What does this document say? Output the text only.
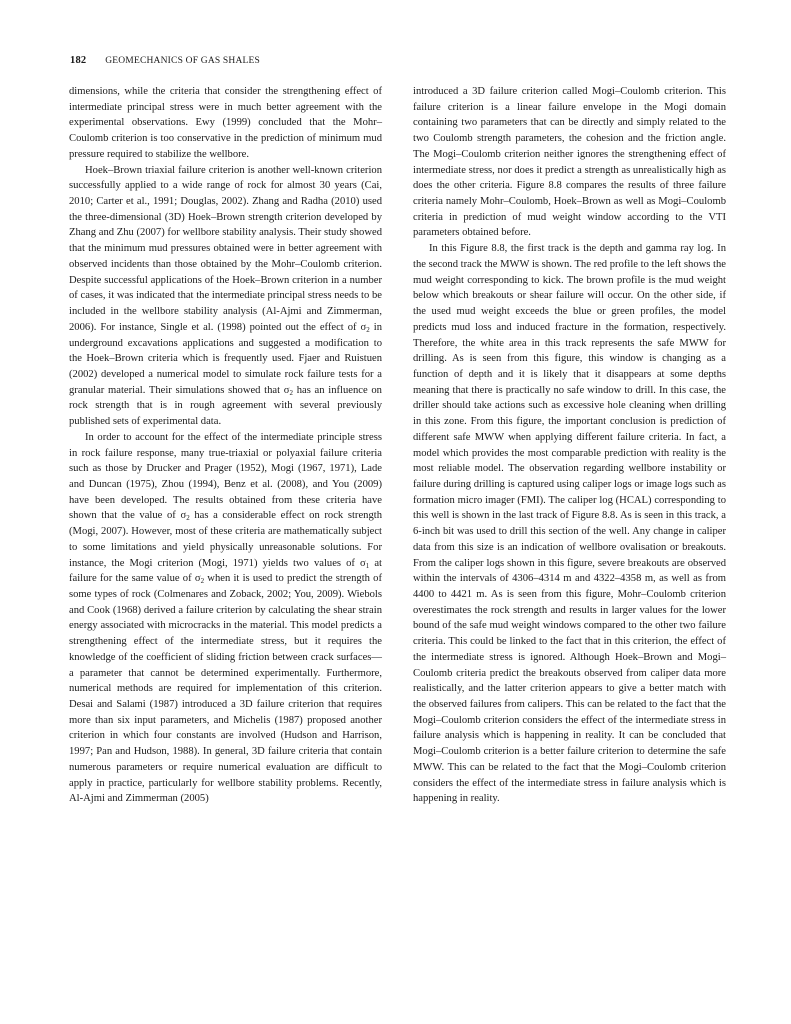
182 GEOMECHANICS OF GAS SHALES

dimensions, while the criteria that consider the strengthening effect of intermediate principal stress were in much better agreement with the experimental observations. Ewy (1999) concluded that the Mohr–Coulomb criterion is too conservative in the prediction of minimum mud pressure required to stabilize the wellbore.

Hoek–Brown triaxial failure criterion is another well-known criterion successfully applied to a wide range of rock for almost 30 years (Cai, 2010; Carter et al., 1991; Douglas, 2002). Zhang and Radha (2010) used the three-dimensional (3D) Hoek–Brown strength criterion developed by Zhang and Zhu (2007) for wellbore stability analysis. Their study showed that the minimum mud pressures obtained were in better agreement with observed incidents than those obtained by the Mohr–Coulomb criterion. Despite successful applications of the Hoek–Brown criterion in a number of cases, it was indicated that the intermediate principal stress needs to be included in the wellbore stability analysis (Al-Ajmi and Zimmerman, 2006). For instance, Single et al. (1998) pointed out the effect of $\sigma_2$ in underground excavations applications and suggested a modification to the Hoek–Brown criteria which is frequently used. Fjaer and Ruistuen (2002) developed a numerical model to simulate rock failure tests for a granular material. Their simulations showed that $\sigma_2$ has an influence on rock strength that is in rough agreement with several previously published sets of experimental data.

In order to account for the effect of the intermediate principle stress in rock failure response, many true-triaxial or polyaxial failure criteria such as those by Drucker and Prager (1952), Mogi (1967, 1971), Lade and Duncan (1975), Zhou (1994), Benz et al. (2008), and You (2009) have been developed. The results obtained from these criteria have shown that the value of $\sigma_2$ has a considerable effect on rock strength (Mogi, 2007). However, most of these criteria are mathematically subject to some limitations and yield physically unreasonable solutions. For instance, the Mogi criterion (Mogi, 1971) yields two values of $\sigma_1$ at failure for the same value of $\sigma_2$ when it is used to predict the strength of some types of rock (Colmenares and Zoback, 2002; You, 2009). Wiebols and Cook (1968) derived a failure criterion by calculating the shear strain energy associated with microcracks in the material. This model predicts a strengthening effect of the intermediate stress, but it requires the knowledge of the coefficient of sliding friction between crack surfaces—a parameter that cannot be determined experimentally. Furthermore, numerical methods are required for implementation of this criterion. Desai and Salami (1987) introduced a 3D failure criterion that requires more than six input parameters, and Michelis (1987) proposed another criterion in which four constants are involved (Hudson and Harrison, 1997; Pan and Hudson, 1988). In general, 3D failure criteria that contain numerous parameters or require numerical evaluation are difficult to apply in practice, particularly for wellbore stability problems. Recently, Al-Ajmi and Zimmerman (2005)

introduced a 3D failure criterion called Mogi–Coulomb criterion. This failure criterion is a linear failure envelope in the Mogi domain containing two parameters that can be directly and simply related to the two Coulomb strength parameters, the cohesion and the friction angle. The Mogi–Coulomb criterion neither ignores the strengthening effect of intermediate stress, nor does it predict a strength as unrealistically high as does the other criteria. Figure 8.8 compares the results of three failure criteria namely Mohr–Coulomb, Hoek–Brown as well as Mogi–Coulomb criteria in prediction of mud weight window according to the VTI parameters obtained before.

In this Figure 8.8, the first track is the depth and gamma ray log. In the second track the MWW is shown. The red profile to the left shows the mud weight corresponding to kick. The brown profile is the mud weight below which breakouts or shear failure will occur. On the other side, if the used mud weight exceeds the blue or green profiles, the model predicts mud loss and induced fracture in the formation, respectively. Therefore, the white area in this track represents the safe MWW for drilling. As is seen from this figure, this window is changing as a function of depth and it is likely that it disappears at some depths meaning that there is practically no safe window to drill. In this case, the driller should take actions such as excessive hole cleaning when drilling in this zone. From this figure, the important conclusion is prediction of different safe MWW when applying different failure criteria. In fact, a model which provides the most comparable prediction with reality is the most reliable model. The observation regarding wellbore instability or failure during drilling is captured using caliper logs or image logs such as formation micro imager (FMI). The caliper log (HCAL) corresponding to this well is shown in the last track of Figure 8.8. As is seen in this track, a 6-inch bit was used to drill this section of the well. Any change in caliper data from this size is an indication of wellbore ovalisation or breakouts. From the caliper logs shown in this figure, severe breakouts are observed within the intervals of 4306–4314 m and 4322–4358 m, as well as from 4400 to 4421 m. As is seen from this figure, Mohr–Coulomb criterion overestimates the rock strength and results in larger values for the lower bound of the safe mud weight windows compared to the other two failure criteria. This could be linked to the fact that in this criterion, the effect of the intermediate stress is ignored. Although Hoek–Brown and Mogi–Coulomb criteria predict the breakouts observed from caliper data more realistically, and the latter criterion appears to give a better match with the observed failures from calipers. This can be related to the fact that the Mogi–Coulomb criterion considers the effect of the intermediate stress in failure analysis which is happening in reality. It can be concluded that Mogi–Coulomb criterion is a better failure criterion to determine the safe MWW. This can be related to the fact that the Mogi–Coulomb criterion considers the effect of the intermediate stress in failure analysis which is happening in reality.
